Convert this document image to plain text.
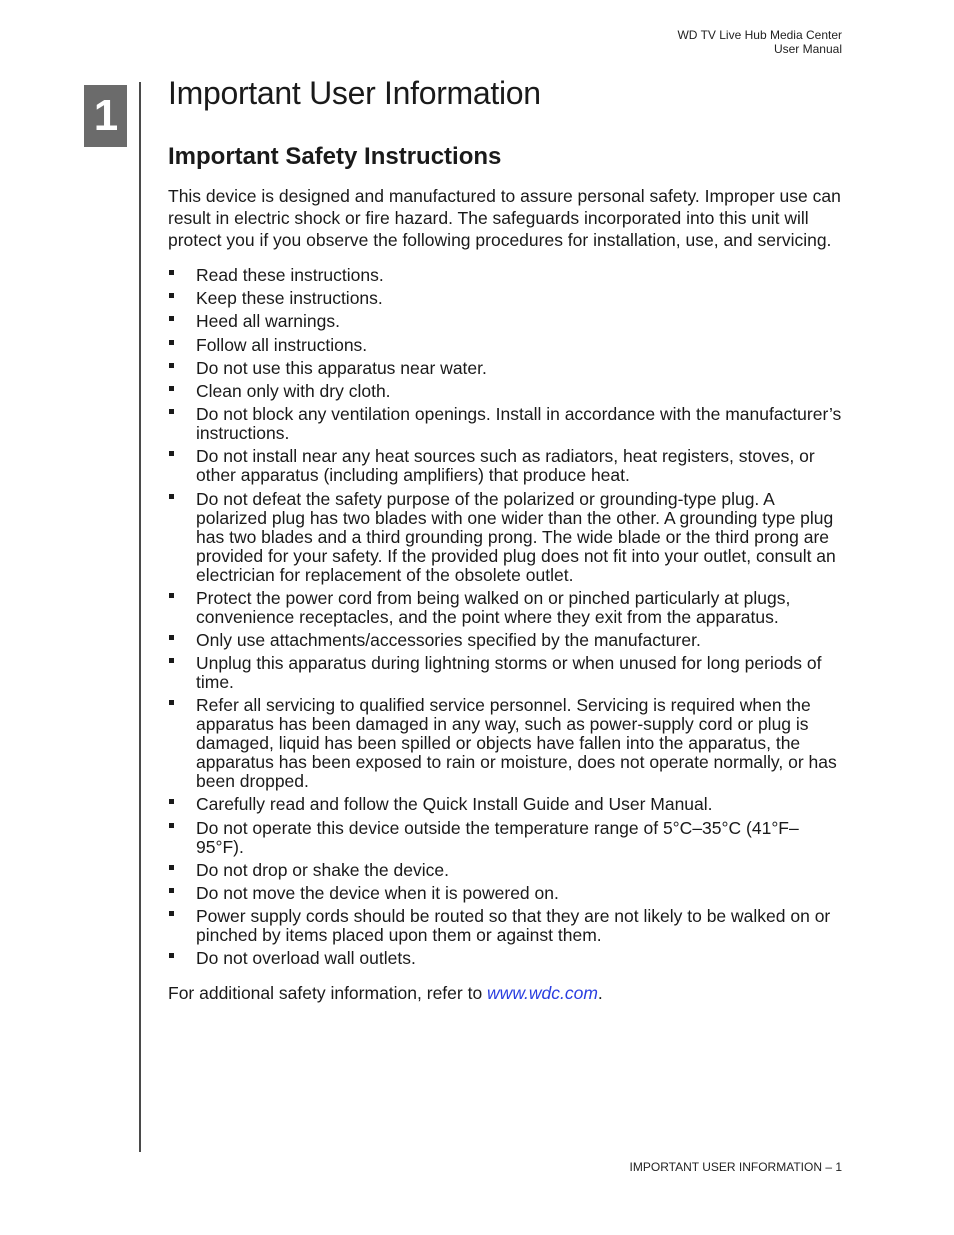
WD TV Live Hub Media Center
User Manual
1	Important User Information
Important Safety Instructions

This device is designed and manufactured to assure personal safety. Improper use can result in electric shock or fire hazard. The safeguards incorporated into this unit will protect you if you observe the following procedures for installation, use, and servicing.

Read these instructions.
Keep these instructions.
Heed all warnings.
Follow all instructions.
Do not use this apparatus near water.
Clean only with dry cloth.
Do not block any ventilation openings. Install in accordance with the manufacturer’s instructions.
Do not install near any heat sources such as radiators, heat registers, stoves, or other apparatus (including amplifiers) that produce heat.
Do not defeat the safety purpose of the polarized or grounding-type plug. A polarized plug has two blades with one wider than the other. A grounding type plug has two blades and a third grounding prong. The wide blade or the third prong are provided for your safety. If the provided plug does not fit into your outlet, consult an electrician for replacement of the obsolete outlet.
Protect the power cord from being walked on or pinched particularly at plugs, convenience receptacles, and the point where they exit from the apparatus.
Only use attachments/accessories specified by the manufacturer.
Unplug this apparatus during lightning storms or when unused for long periods of time.
Refer all servicing to qualified service personnel. Servicing is required when the apparatus has been damaged in any way, such as power-supply cord or plug is damaged, liquid has been spilled or objects have fallen into the apparatus, the apparatus has been exposed to rain or moisture, does not operate normally, or has been dropped.
Carefully read and follow the Quick Install Guide and User Manual.
Do not operate this device outside the temperature range of 5°C–35°C (41°F–95°F).
Do not drop or shake the device.
Do not move the device when it is powered on.
Power supply cords should be routed so that they are not likely to be walked on or pinched by items placed upon them or against them.
Do not overload wall outlets.

For additional safety information, refer to www.wdc.com.

IMPORTANT USER INFORMATION – 1
